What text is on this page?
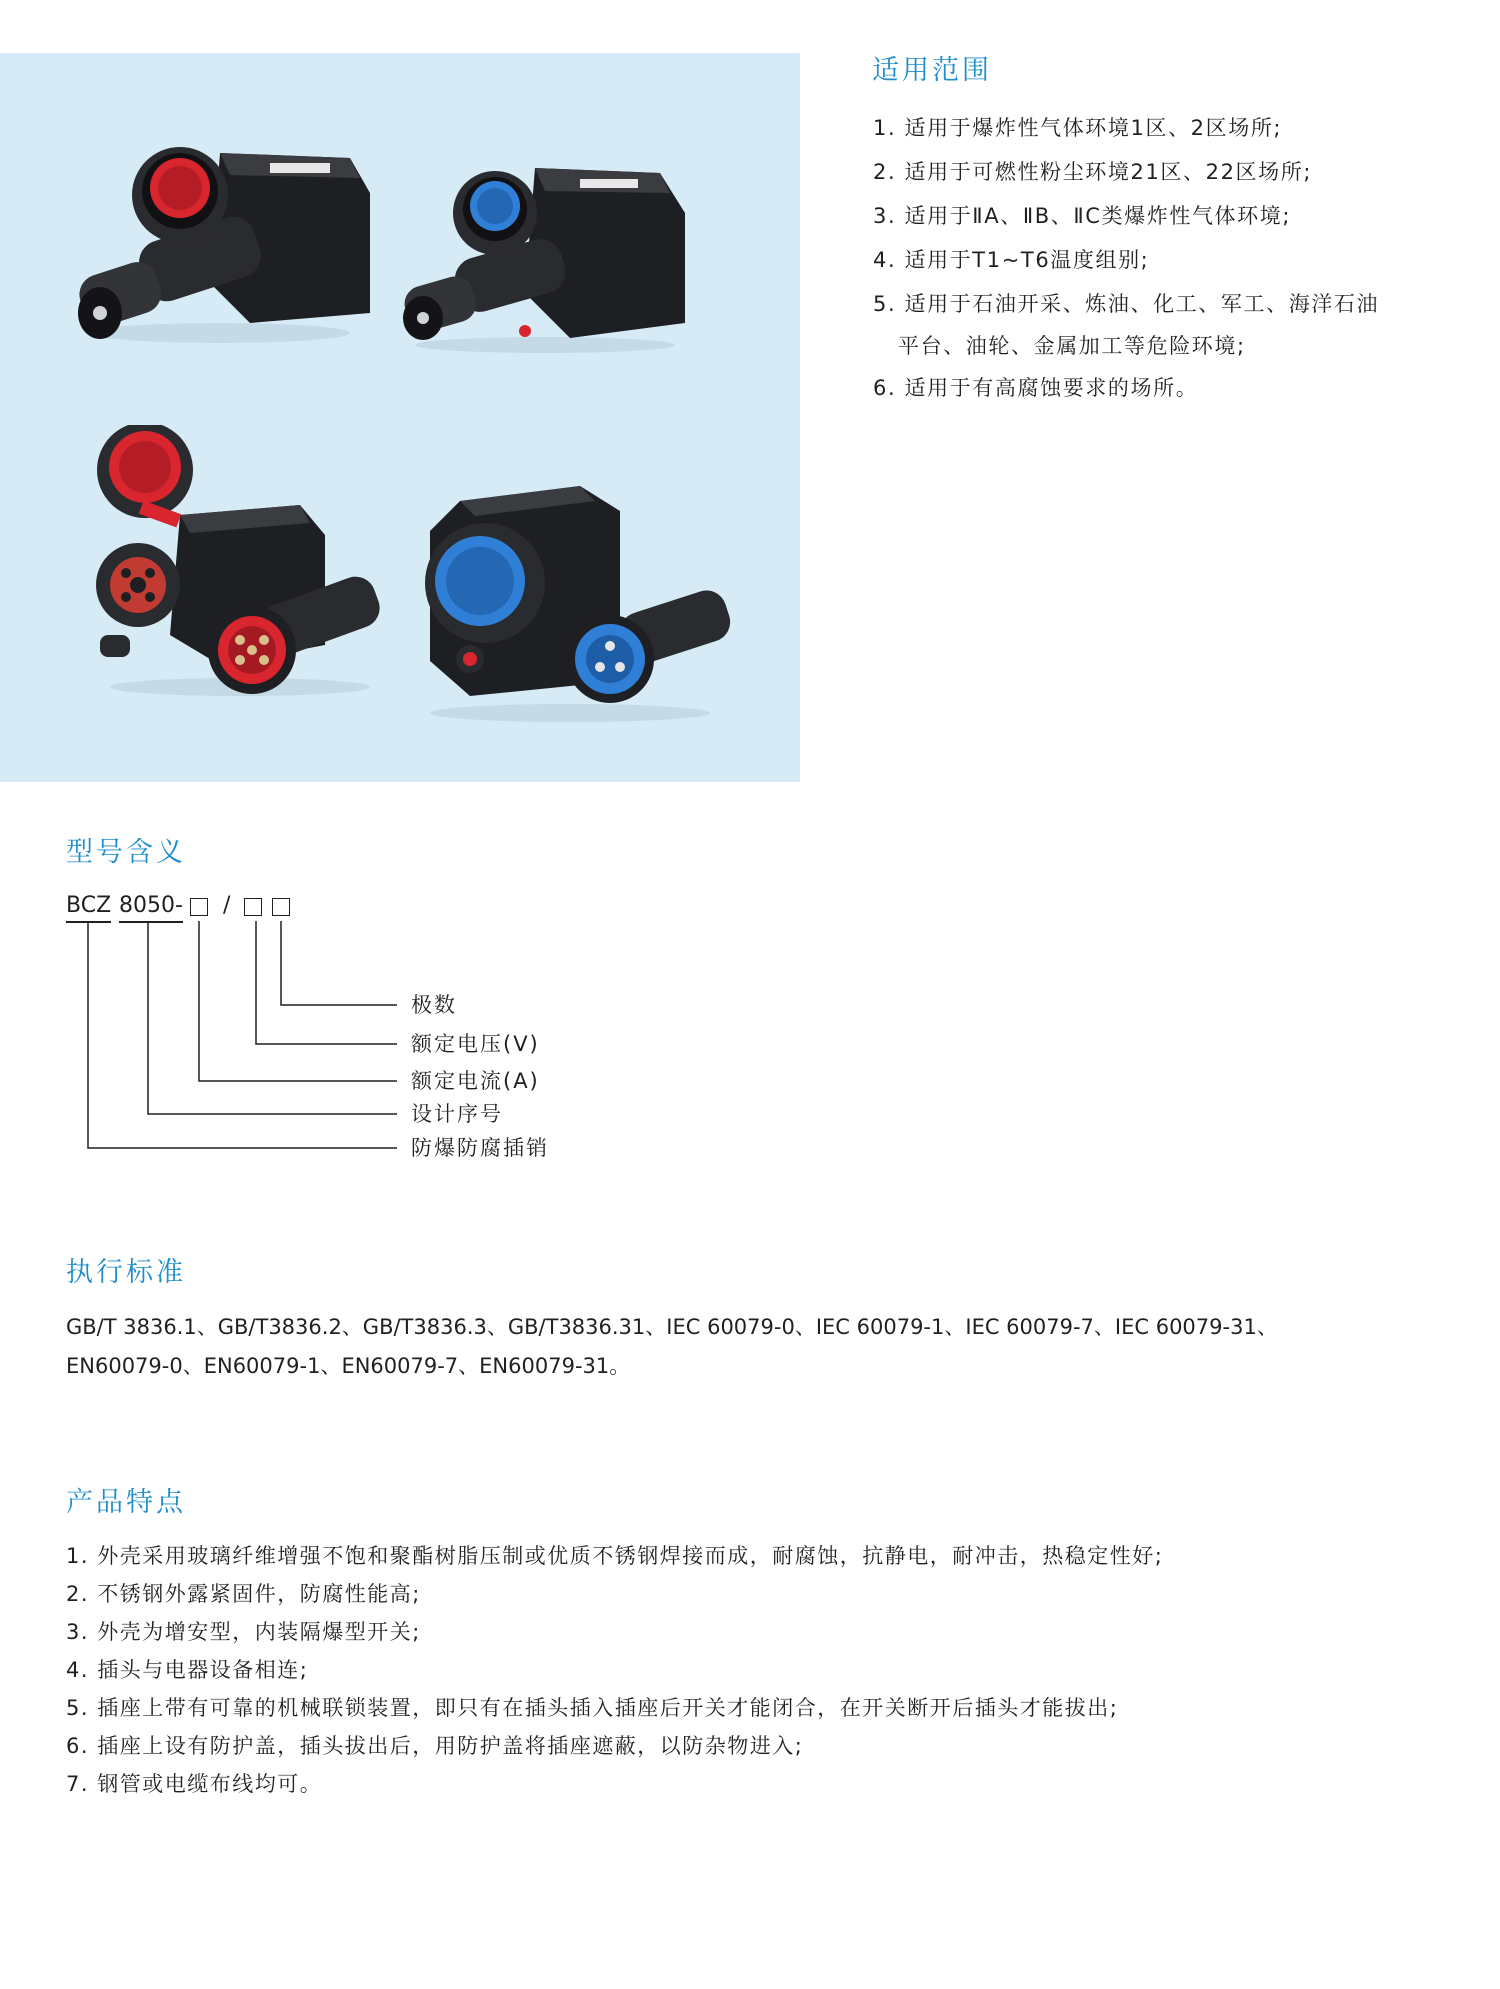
适用范围
1. 适用于爆炸性气体环境1区、2区场所;
2. 适用于可燃性粉尘环境21区、22区场所;
3. 适用于ⅡA、ⅡB、ⅡC类爆炸性气体环境;
4. 适用于T1~T6温度组别;
5. 适用于石油开采、炼油、化工、军工、海洋石油
平台、油轮、金属加工等危险环境;
6. 适用于有高腐蚀要求的场所。
型号含义
BCZ 8050- /
极数
额定电压(V)
额定电流(A)
设计序号
防爆防腐插销
执行标准

GB/T 3836.1、GB/T3836.2、GB/T3836.3、GB/T3836.31、IEC 60079-0、IEC 60079-1、IEC 60079-7、IEC 60079-31、
EN60079-0、EN60079-1、EN60079-7、EN60079-31。

产品特点
1. 外壳采用玻璃纤维增强不饱和聚酯树脂压制或优质不锈钢焊接而成，耐腐蚀，抗静电，耐冲击，热稳定性好;
2. 不锈钢外露紧固件，防腐性能高;
3. 外壳为增安型，内装隔爆型开关;
4. 插头与电器设备相连;
5. 插座上带有可靠的机械联锁装置，即只有在插头插入插座后开关才能闭合，在开关断开后插头才能拔出;
6. 插座上设有防护盖，插头拔出后，用防护盖将插座遮蔽，以防杂物进入;
7. 钢管或电缆布线均可。
